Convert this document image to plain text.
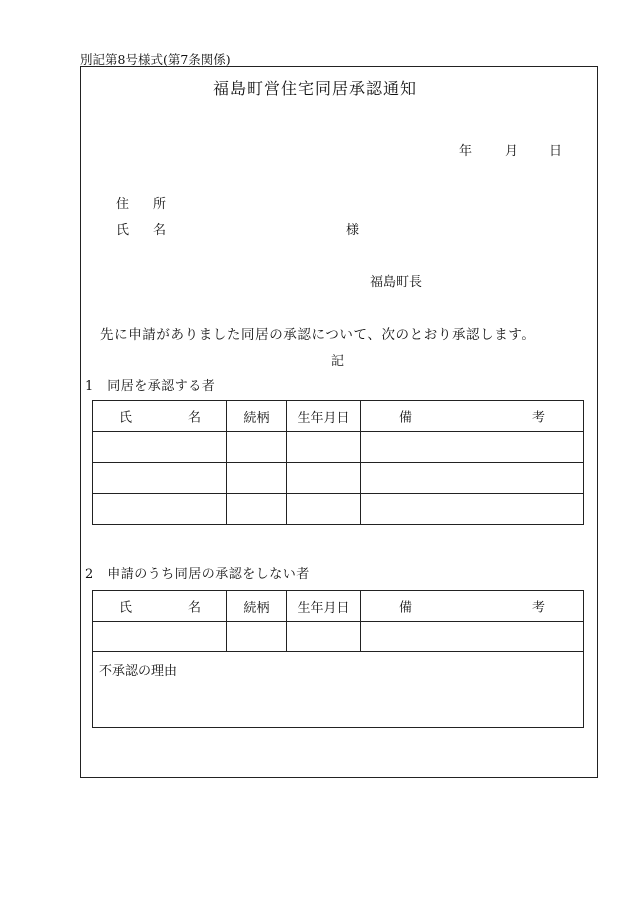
別記第8号様式(第7条関係)
福島町営住宅同居承認通知
年	月 日
住 所
氏 名	様
福島町長
先に申請がありました同居の承認について、次のとおり承認します。
記
1　同居を承認する者
氏 名	続柄	生年月日	備 考

2　申請のうち同居の承認をしない者
氏 名	続柄	生年月日	備 考

不承認の理由			
